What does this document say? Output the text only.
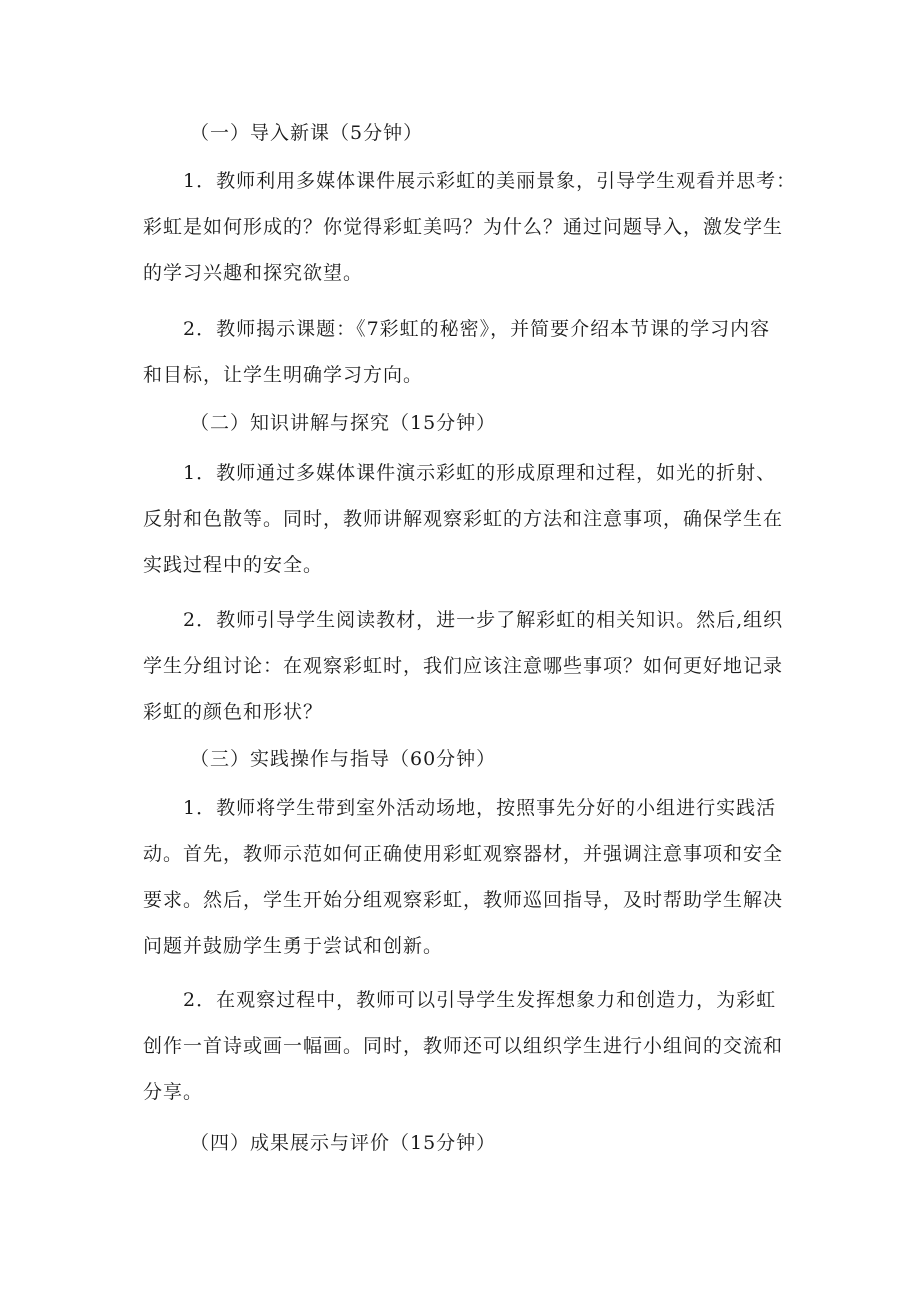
（一）导入新课（5分钟）
1．教师利用多媒体课件展示彩虹的美丽景象，引导学生观看并思考：
彩虹是如何形成的？你觉得彩虹美吗？为什么？通过问题导入，激发学生
的学习兴趣和探究欲望。
2．教师揭示课题：《7彩虹的秘密》，并简要介绍本节课的学习内容
和目标，让学生明确学习方向。
（二）知识讲解与探究（15分钟）
1．教师通过多媒体课件演示彩虹的形成原理和过程，如光的折射、
反射和色散等。同时，教师讲解观察彩虹的方法和注意事项，确保学生在
实践过程中的安全。
2．教师引导学生阅读教材，进一步了解彩虹的相关知识。然后,组织
学生分组讨论：在观察彩虹时，我们应该注意哪些事项？如何更好地记录
彩虹的颜色和形状？
（三）实践操作与指导（60分钟）
1．教师将学生带到室外活动场地，按照事先分好的小组进行实践活
动。首先，教师示范如何正确使用彩虹观察器材，并强调注意事项和安全
要求。然后，学生开始分组观察彩虹，教师巡回指导，及时帮助学生解决
问题并鼓励学生勇于尝试和创新。
2．在观察过程中，教师可以引导学生发挥想象力和创造力，为彩虹
创作一首诗或画一幅画。同时，教师还可以组织学生进行小组间的交流和
分享。
（四）成果展示与评价（15分钟）
